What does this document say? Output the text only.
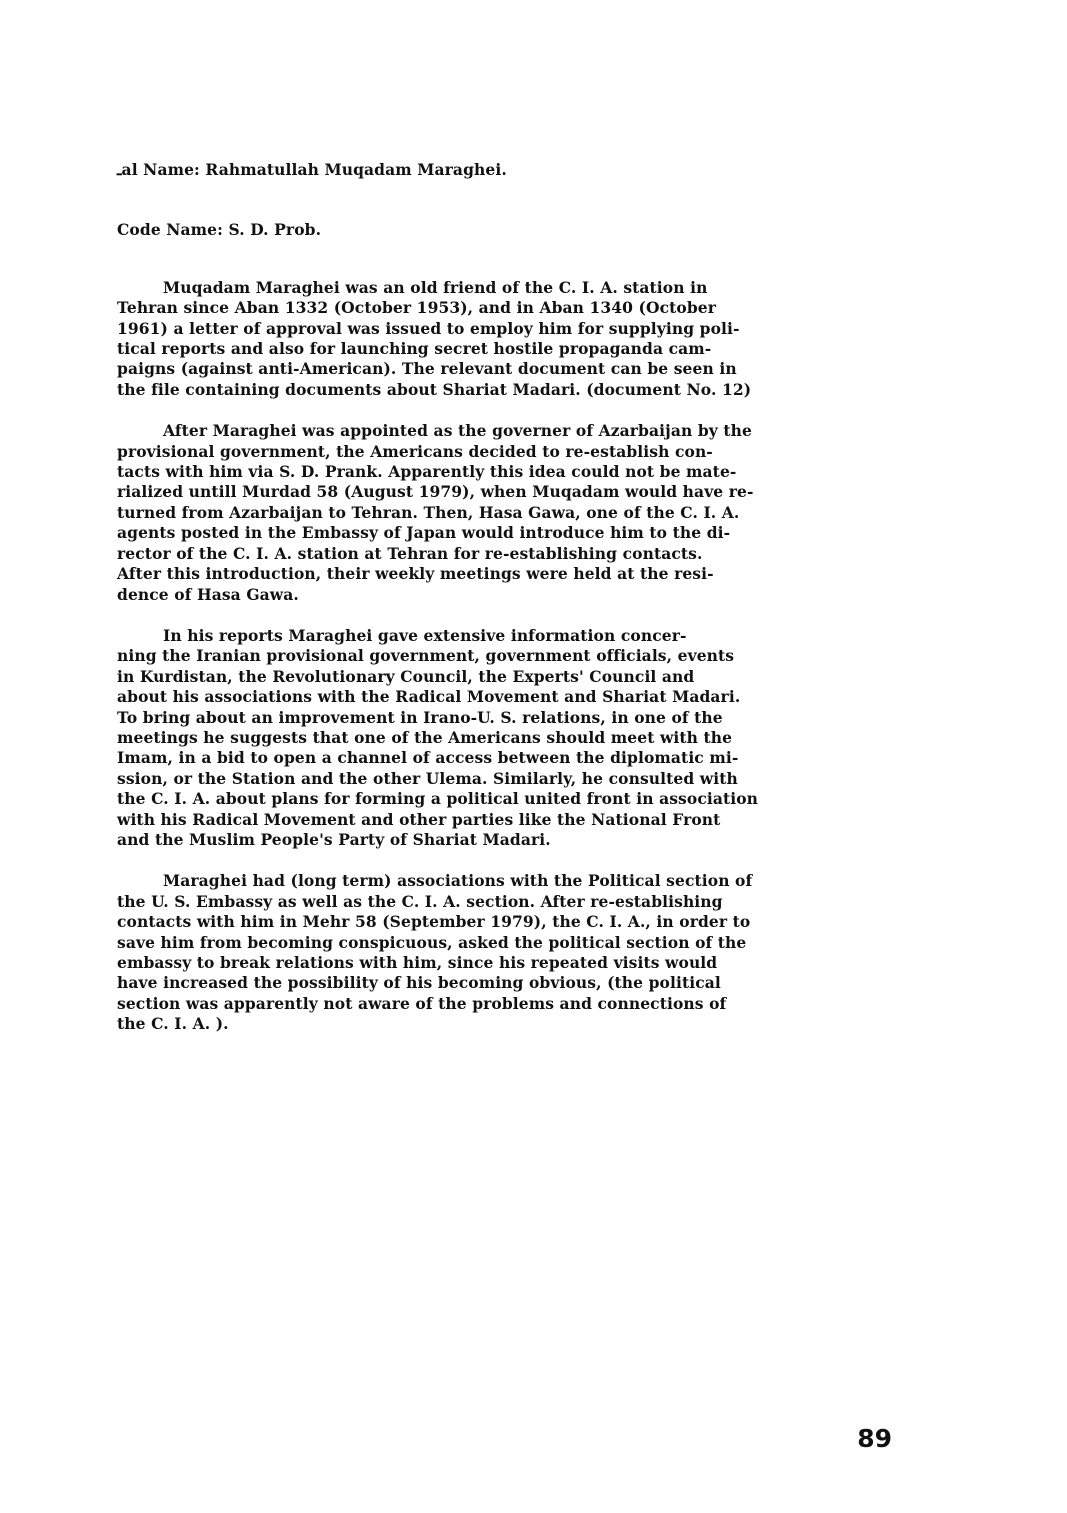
ـal Name: Rahmatullah Muqadam Maraghei.

Code Name: S. D. Prob.

Muqadam Maraghei was an old friend of the C. I. A. station in
Tehran since Aban 1332 (October 1953), and in Aban 1340 (October
1961) a letter of approval was issued to employ him for supplying poli-
tical reports and also for launching secret hostile propaganda cam-
paigns (against anti-American). The relevant document can be seen in
the file containing documents about Shariat Madari. (document No. 12)
After Maraghei was appointed as the governer of Azarbaijan by the
provisional government, the Americans decided to re-establish con-
tacts with him via S. D. Prank. Apparently this idea could not be mate-
rialized untill Murdad 58 (August 1979), when Muqadam would have re-
turned from Azarbaijan to Tehran. Then, Hasa Gawa, one of the C. I. A.
agents posted in the Embassy of Japan would introduce him to the di-
rector of the C. I. A. station at Tehran for re-establishing contacts.
After this introduction, their weekly meetings were held at the resi-
dence of Hasa Gawa.
In his reports Maraghei gave extensive information concer-
ning the Iranian provisional government, government officials, events
in Kurdistan, the Revolutionary Council, the Experts' Council and
about his associations with the Radical Movement and Shariat Madari.
To bring about an improvement in Irano-U. S. relations, in one of the
meetings he suggests that one of the Americans should meet with the
Imam, in a bid to open a channel of access between the diplomatic mi-
ssion, or the Station and the other Ulema. Similarly, he consulted with
the C. I. A. about plans for forming a political united front in association
with his Radical Movement and other parties like the National Front
and the Muslim People's Party of Shariat Madari.
Maraghei had (long term) associations with the Political section of
the U. S. Embassy as well as the C. I. A. section. After re-establishing
contacts with him in Mehr 58 (September 1979), the C. I. A., in order to
save him from becoming conspicuous, asked the political section of the
embassy to break relations with him, since his repeated visits would
have increased the possibility of his becoming obvious, (the political
section was apparently not aware of the problems and connections of
the C. I. A. ).
89
